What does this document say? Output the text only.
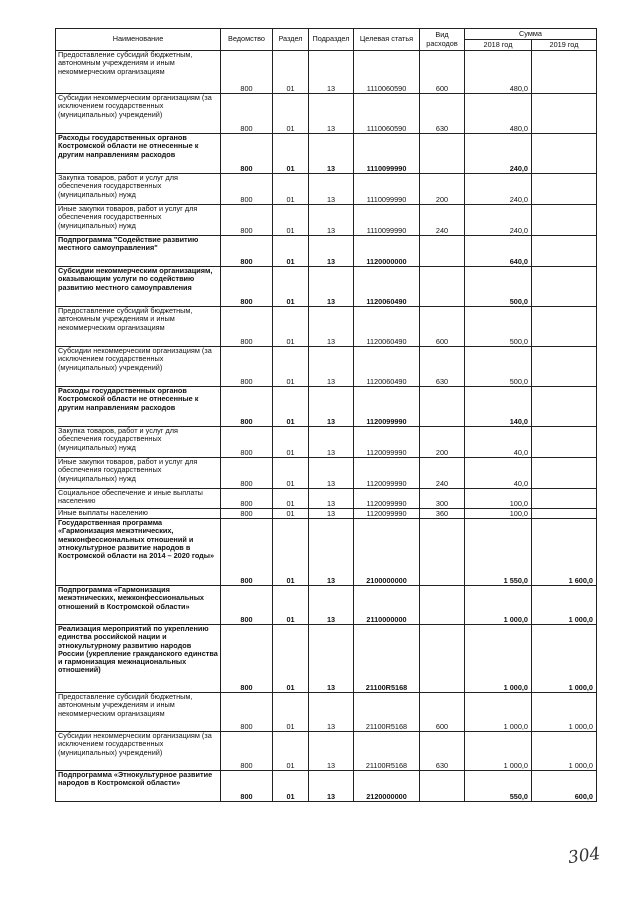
Наименование	Ведомство	Раздел	Подраздел	Целевая статья	Вид расходов	Сумма	
						2018 год	2019 год
Предоставление субсидий бюджетным, автономным учреждениям и иным некоммерческим организациям	800	01	13	1110060590	600	480,0	
Субсидии некоммерческим организациям (за исключением государственных (муниципальных) учреждений)	800	01	13	1110060590	630	480,0	
Расходы государственных органов Костромской области не отнесенные к другим направлениям расходов	800	01	13	1110099990		240,0	
Закупка товаров, работ и услуг для обеспечения государственных (муниципальных) нужд	800	01	13	1110099990	200	240,0	
Иные закупки товаров, работ и услуг для обеспечения государственных (муниципальных) нужд	800	01	13	1110099990	240	240,0	
Подпрограмма "Содействие развитию местного самоуправления"	800	01	13	1120000000		640,0	
Субсидии некоммерческим организациям, оказывающим услуги по содействию развитию местного самоуправления	800	01	13	1120060490		500,0	
Предоставление субсидий бюджетным, автономным учреждениям и иным некоммерческим организациям	800	01	13	1120060490	600	500,0	
Субсидии некоммерческим организациям (за исключением государственных (муниципальных) учреждений)	800	01	13	1120060490	630	500,0	
Расходы государственных органов Костромской области не отнесенные к другим направлениям расходов	800	01	13	1120099990		140,0	
Закупка товаров, работ и услуг для обеспечения государственных (муниципальных) нужд	800	01	13	1120099990	200	40,0	
Иные закупки товаров, работ и услуг для обеспечения государственных (муниципальных) нужд	800	01	13	1120099990	240	40,0	
Социальное обеспечение и иные выплаты населению	800	01	13	1120099990	300	100,0	
Иные выплаты населению	800	01	13	1120099990	360	100,0	
Государственная программа «Гармонизация межэтнических, межконфессиональных отношений и этнокультурное развитие народов в Костромской области на 2014 – 2020 годы»	800	01	13	2100000000		1 550,0	1 600,0
Подпрограмма «Гармонизация межэтнических, межконфессиональных отношений в Костромской области»	800	01	13	2110000000		1 000,0	1 000,0
Реализация мероприятий по укреплению единства российской нации и этнокультурному развитию народов России (укрепление гражданского единства и гармонизация межнациональных отношений)	800	01	13	21100R5168		1 000,0	1 000,0
Предоставление субсидий бюджетным, автономным учреждениям и иным некоммерческим организациям	800	01	13	21100R5168	600	1 000,0	1 000,0
Субсидии некоммерческим организациям (за исключением государственных (муниципальных) учреждений)	800	01	13	21100R5168	630	1 000,0	1 000,0
Подпрограмма «Этнокультурное развитие народов в Костромской области»	800	01	13	2120000000		550,0	600,0
304
